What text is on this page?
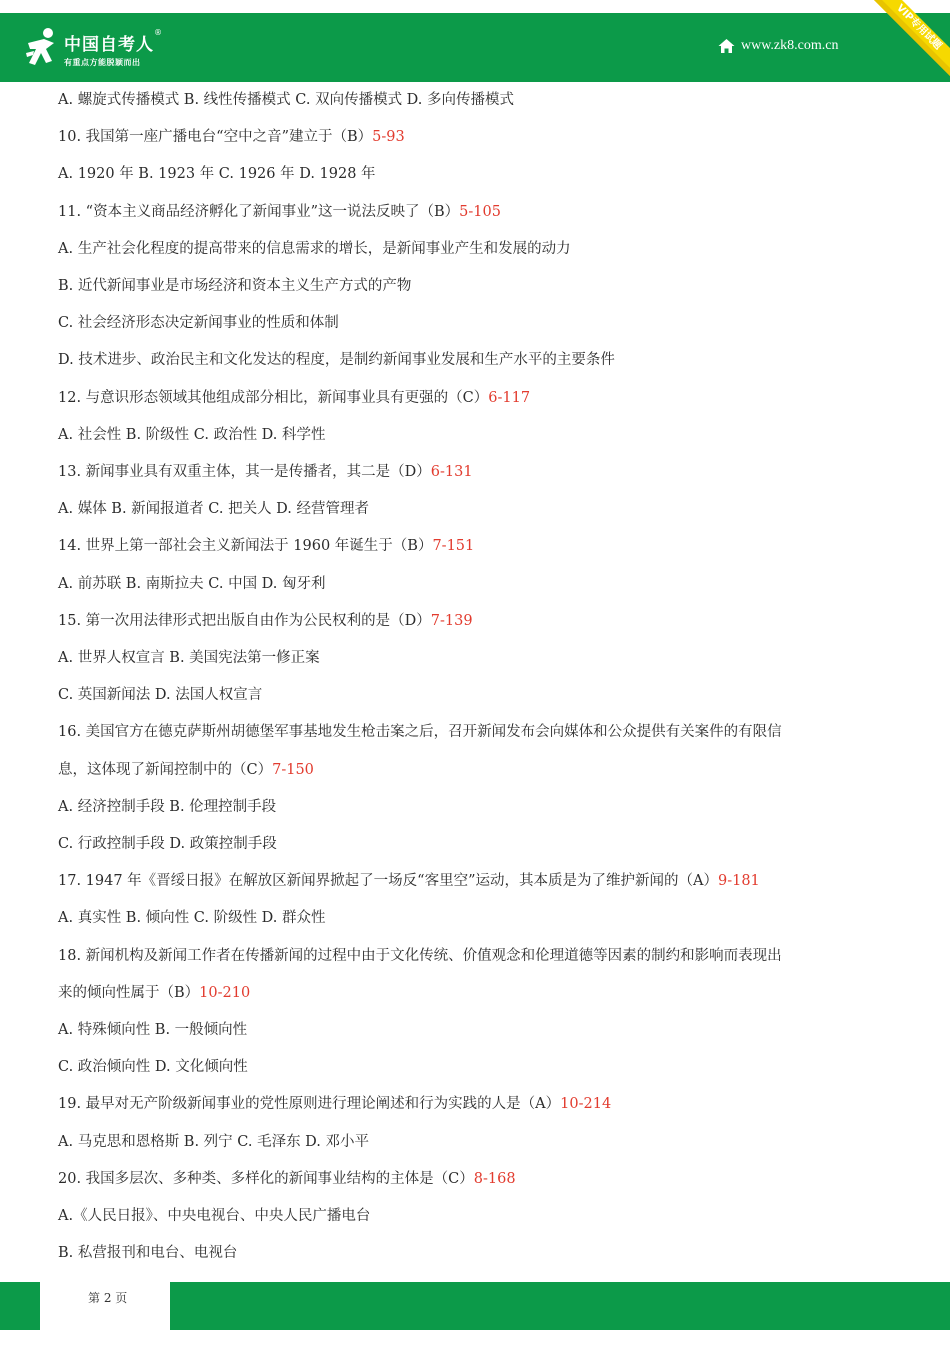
中国自考人
®
有重点方能脱颖而出
www.zk8.com.cn	VIP专用试题
A. 螺旋式传播模式 B. 线性传播模式 C. 双向传播模式 D. 多向传播模式
10. 我国第一座广播电台“空中之音”建立于（B）5-93
A. 1920 年 B. 1923 年 C. 1926 年 D. 1928 年
11. “资本主义商品经济孵化了新闻事业”这一说法反映了（B）5-105
A. 生产社会化程度的提高带来的信息需求的增长，是新闻事业产生和发展的动力
B. 近代新闻事业是市场经济和资本主义生产方式的产物
C. 社会经济形态决定新闻事业的性质和体制
D. 技术进步、政治民主和文化发达的程度，是制约新闻事业发展和生产水平的主要条件
12. 与意识形态领域其他组成部分相比，新闻事业具有更强的（C）6-117
A. 社会性 B. 阶级性 C. 政治性 D. 科学性
13. 新闻事业具有双重主体，其一是传播者，其二是（D）6-131
A. 媒体 B. 新闻报道者 C. 把关人 D. 经营管理者
14. 世界上第一部社会主义新闻法于 1960 年诞生于（B）7-151
A. 前苏联 B. 南斯拉夫 C. 中国 D. 匈牙利
15. 第一次用法律形式把出版自由作为公民权利的是（D）7-139
A. 世界人权宣言 B. 美国宪法第一修正案
C. 英国新闻法 D. 法国人权宣言
16. 美国官方在德克萨斯州胡德堡军事基地发生枪击案之后，召开新闻发布会向媒体和公众提供有关案件的有限信
息，这体现了新闻控制中的（C）7-150
A. 经济控制手段 B. 伦理控制手段
C. 行政控制手段 D. 政策控制手段
17. 1947 年《晋绥日报》在解放区新闻界掀起了一场反“客里空”运动，其本质是为了维护新闻的（A）9-181
A. 真实性 B. 倾向性 C. 阶级性 D. 群众性
18. 新闻机构及新闻工作者在传播新闻的过程中由于文化传统、价值观念和伦理道德等因素的制约和影响而表现出
来的倾向性属于（B）10-210
A. 特殊倾向性 B. 一般倾向性
C. 政治倾向性 D. 文化倾向性
19. 最早对无产阶级新闻事业的党性原则进行理论阐述和行为实践的人是（A）10-214
A. 马克思和恩格斯 B. 列宁 C. 毛泽东 D. 邓小平
20. 我国多层次、多种类、多样化的新闻事业结构的主体是（C）8-168
A.《人民日报》、中央电视台、中央人民广播电台
B. 私营报刊和电台、电视台
第 2 页
